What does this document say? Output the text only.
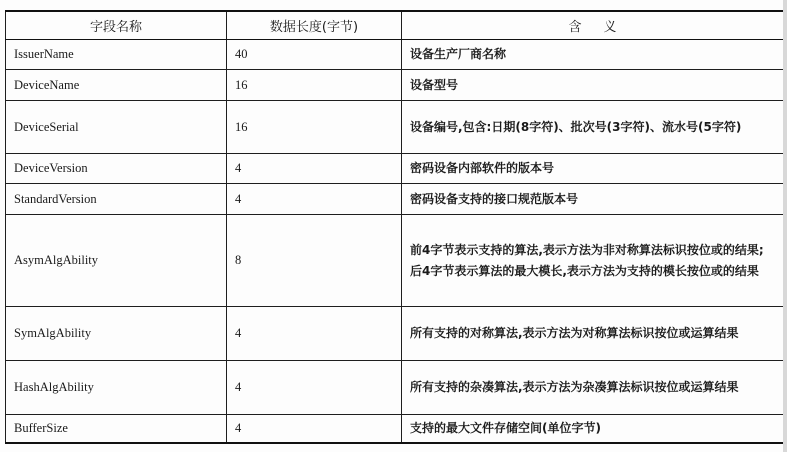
字段名称	数据长度(字节)	含义
IssuerName	40	设备生产厂商名称
DeviceName	16	设备型号
DeviceSerial	16	设备编号,包含:日期(8字符)、批次号(3字符)、流水号(5字符)
DeviceVersion	4	密码设备内部软件的版本号
StandardVersion	4	密码设备支持的接口规范版本号
AsymAlgAbility	8	前4字节表示支持的算法,表示方法为非对称算法标识按位或的结果;后4字节表示算法的最大模长,表示方法为支持的模长按位或的结果
SymAlgAbility	4	所有支持的对称算法,表示方法为对称算法标识按位或运算结果
HashAlgAbility	4	所有支持的杂凑算法,表示方法为杂凑算法标识按位或运算结果
BufferSize	4	支持的最大文件存储空间(单位字节)
